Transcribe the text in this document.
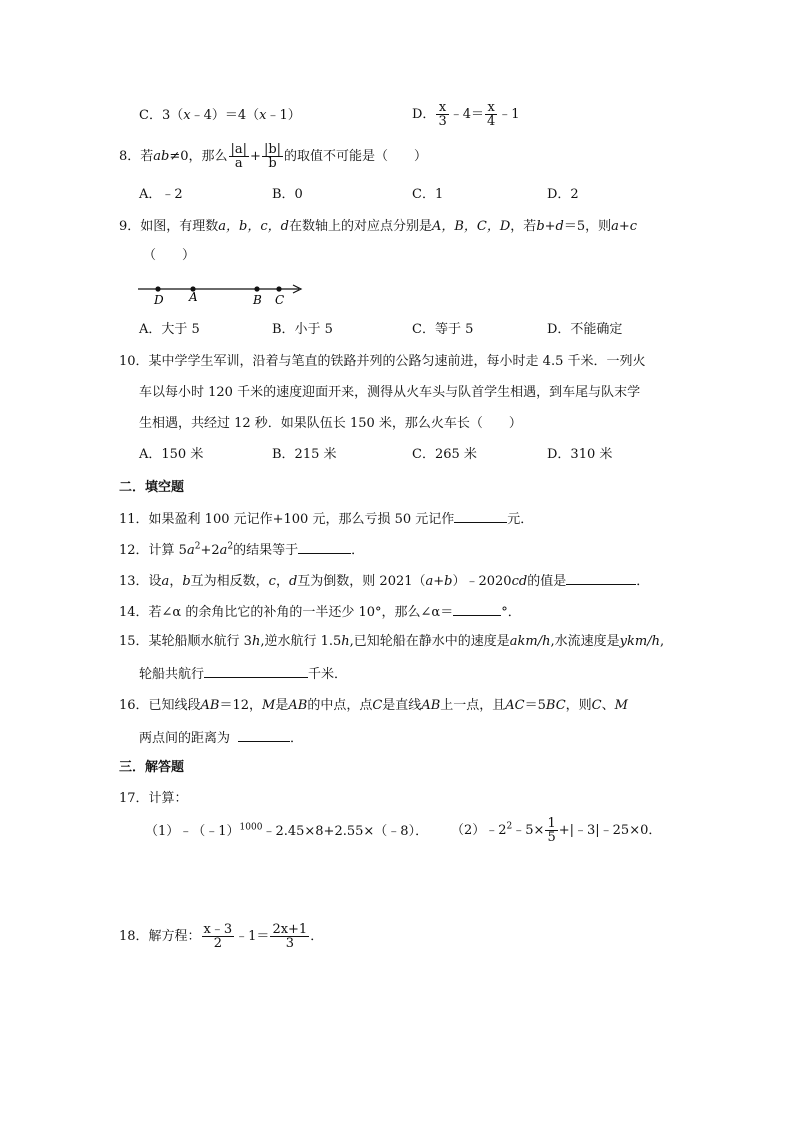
C．3（x﹣4）＝4（x﹣1）	D． $\frac{x}{3}$ ﹣4＝ $\frac{x}{4}$ ﹣1
8．若ab≠0，那么 $\frac{|a|}{a} + \frac{|b|}{b}$ 的取值不可能是（　　）
A．﹣2	B．0	C．1	D．2
9．如图，有理数a，b，c，d在数轴上的对应点分别是A，B，C，D，若b+d＝5，则a+c
（　　）
D A	B C
A．大于 5	B．小于 5	C．等于 5	D．不能确定
10．某中学学生军训，沿着与笔直的铁路并列的公路匀速前进，每小时走 4.5 千米．一列火
车以每小时 120 千米的速度迎面开来，测得从火车头与队首学生相遇，到车尾与队末学
生相遇，共经过 12 秒．如果队伍长 150 米，那么火车长（　　）
A．150 米	B．215 米	C．265 米	D．310 米
二．填空题
11．如果盈利 100 元记作+100 元，那么亏损 50 元记作	元．
12．计算 $5a^2+2a^2$的结果等于	．
13．设a，b互为相反数，c，d互为倒数，则 2021（a+b）﹣2020cd的值是	．
14．若∠α 的余角比它的补角的一半还少 10°，那么∠α＝	°．
15．某轮船顺水航行 3h,逆水航行 1.5h,已知轮船在静水中的速度是akm/h,水流速度是ykm/h,
轮船共航行	千米．
16．已知线段AB＝12，M是AB的中点，点C是直线AB上一点，且AC＝5BC，则C、M
两点间的距离为	．
三．解答题
17．计算：
（1）﹣（﹣1）$^{1000}$﹣2.45×8+2.55×（﹣8）． $(2)﹣2^2﹣5\times \frac{1}{5}$ +|﹣3|﹣25×0．
18．解方程： $\frac{x﹣3}{2}$ ﹣1＝ $\frac{2x+1}{3}$ ．
